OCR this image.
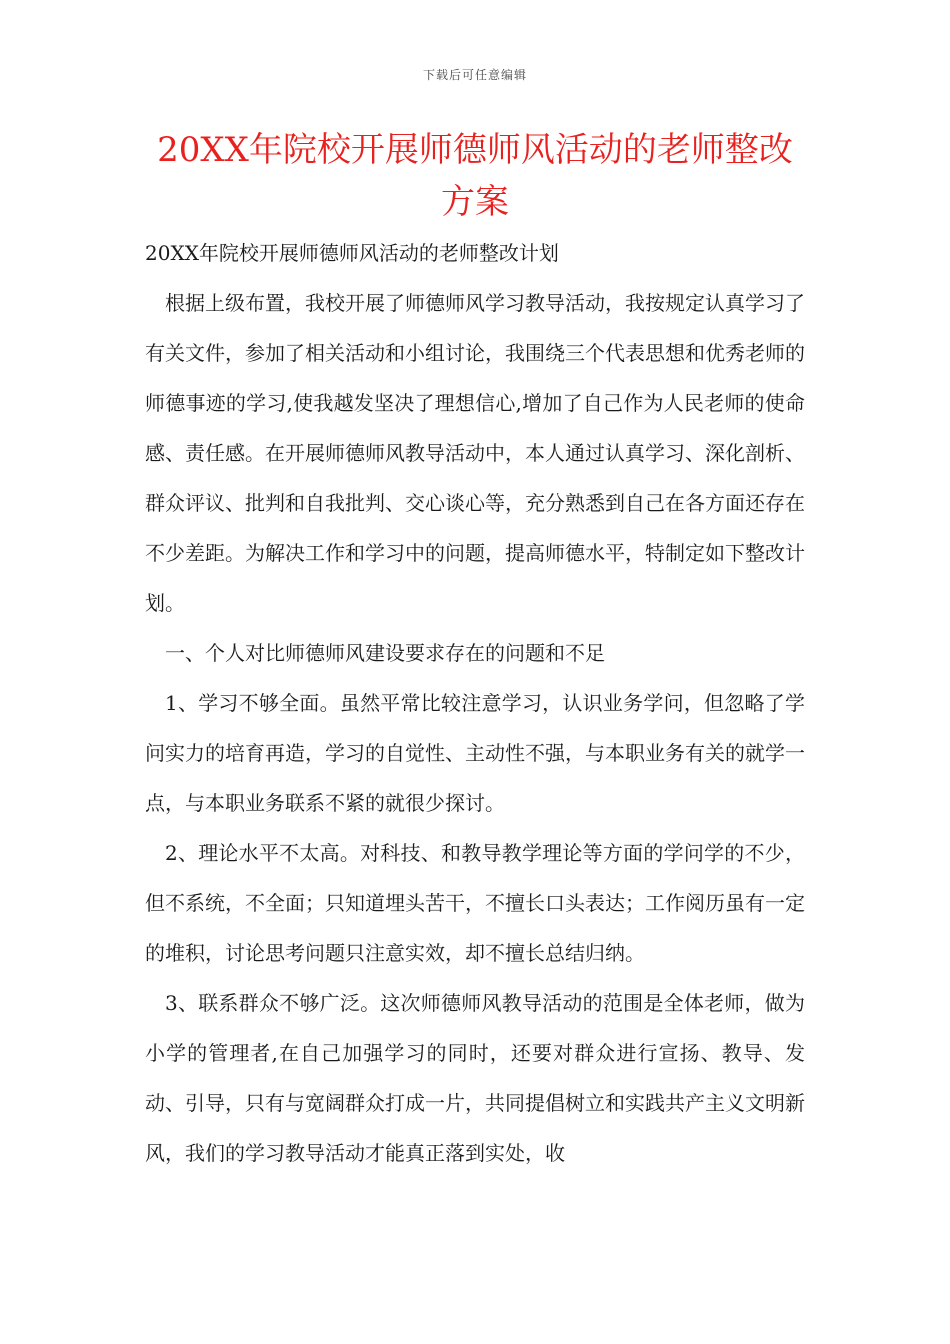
下载后可任意编辑
20XX年院校开展师德师风活动的老师整改方案

20XX年院校开展师德师风活动的老师整改计划

根据上级布置，我校开展了师德师风学习教导活动，我按规定认真学习了有关文件，参加了相关活动和小组讨论，我围绕三个代表思想和优秀老师的师德事迹的学习,使我越发坚决了理想信心,增加了自己作为人民老师的使命感、责任感。在开展师德师风教导活动中，本人通过认真学习、深化剖析、群众评议、批判和自我批判、交心谈心等，充分熟悉到自己在各方面还存在不少差距。为解决工作和学习中的问题，提高师德水平，特制定如下整改计划。

一、个人对比师德师风建设要求存在的问题和不足

1、学习不够全面。虽然平常比较注意学习，认识业务学问，但忽略了学问实力的培育再造，学习的自觉性、主动性不强，与本职业务有关的就学一点，与本职业务联系不紧的就很少探讨。

2、理论水平不太高。对科技、和教导教学理论等方面的学问学的不少，但不系统，不全面；只知道埋头苦干，不擅长口头表达；工作阅历虽有一定的堆积，讨论思考问题只注意实效，却不擅长总结归纳。

3、联系群众不够广泛。这次师德师风教导活动的范围是全体老师，做为小学的管理者,在自己加强学习的同时，还要对群众进行宣扬、教导、发动、引导，只有与宽阔群众打成一片，共同提倡树立和实践共产主义文明新风，我们的学习教导活动才能真正落到实处，收
